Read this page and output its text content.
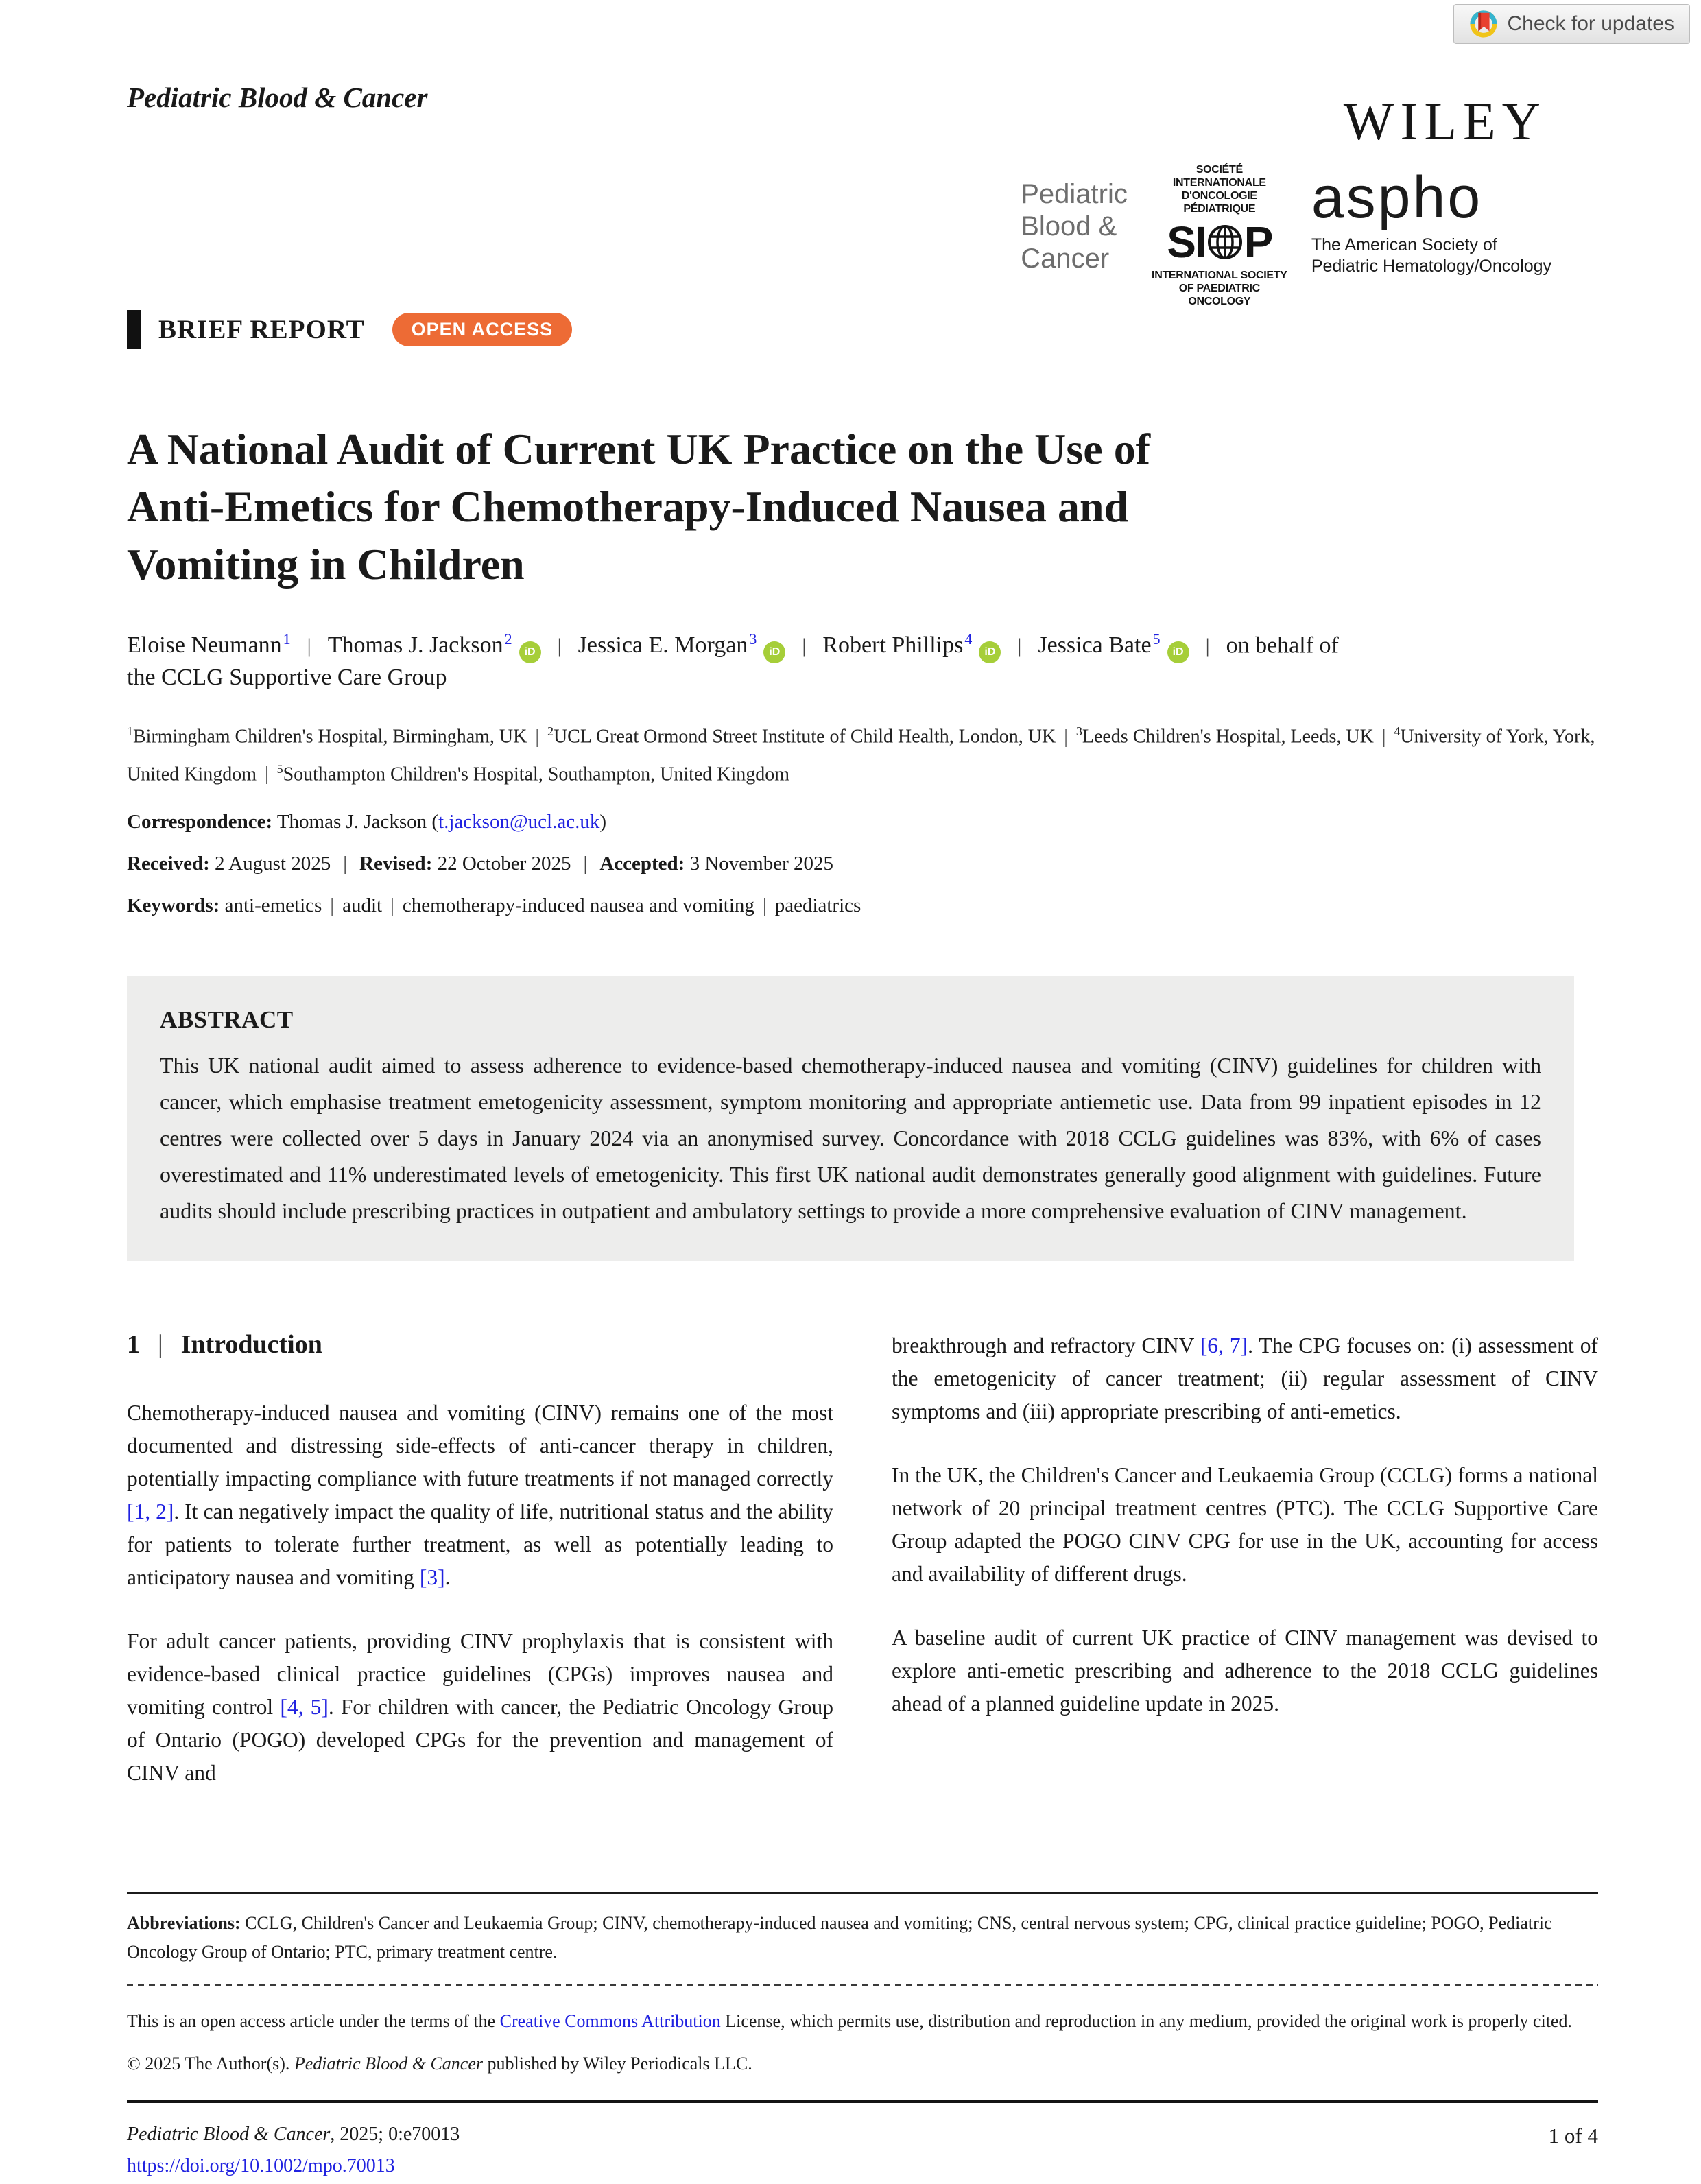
Pediatric Blood & Cancer
Check for updates
WILEY
Pediatric
Blood &
Cancer
SOCIÉTÉ INTERNATIONALE
D'ONCOLOGIE PÉDIATRIQUE
SI P
INTERNATIONAL SOCIETY
OF PAEDIATRIC ONCOLOGY
aspho
The American Society of
Pediatric Hematology/Oncology
BRIEF REPORT	OPEN ACCESS
A National Audit of Current UK Practice on the Use of
Anti-Emetics for Chemotherapy-Induced Nausea and
Vomiting in Children
Eloise Neumann$^1$ | Thomas J. Jackson$^2$iD | Jessica E. Morgan$^3$iD | Robert Phillips$^4$iD | Jessica Bate$^5$iD | on behalf of
the CCLG Supportive Care Group
$^1$Birmingham Children's Hospital, Birmingham, UK | $^2$UCL Great Ormond Street Institute of Child Health, London, UK | $^3$Leeds Children's Hospital, Leeds, UK | $^4$University of York, York, United Kingdom | $^5$Southampton Children's Hospital, Southampton, United Kingdom
Correspondence: Thomas J. Jackson (t.jackson@ucl.ac.uk)
Received: 2 August 2025 | Revised: 22 October 2025 | Accepted: 3 November 2025
Keywords: anti-emetics | audit | chemotherapy-induced nausea and vomiting | paediatrics
ABSTRACT

This UK national audit aimed to assess adherence to evidence-based chemotherapy-induced nausea and vomiting (CINV) guidelines for children with cancer, which emphasise treatment emetogenicity assessment, symptom monitoring and appropriate antiemetic use. Data from 99 inpatient episodes in 12 centres were collected over 5 days in January 2024 via an anonymised survey. Concordance with 2018 CCLG guidelines was 83%, with 6% of cases overestimated and 11% underestimated levels of emetogenicity. This first UK national audit demonstrates generally good alignment with guidelines. Future audits should include prescribing practices in outpatient and ambulatory settings to provide a more comprehensive evaluation of CINV management.

1 | Introduction

Chemotherapy-induced nausea and vomiting (CINV) remains one of the most documented and distressing side-effects of anti-cancer therapy in children, potentially impacting compliance with future treatments if not managed correctly [1, 2]. It can negatively impact the quality of life, nutritional status and the ability for patients to tolerate further treatment, as well as potentially leading to anticipatory nausea and vomiting [3].

For adult cancer patients, providing CINV prophylaxis that is consistent with evidence-based clinical practice guidelines (CPGs) improves nausea and vomiting control [4, 5]. For children with cancer, the Pediatric Oncology Group of Ontario (POGO) developed CPGs for the prevention and management of CINV and

breakthrough and refractory CINV [6, 7]. The CPG focuses on: (i) assessment of the emetogenicity of cancer treatment; (ii) regular assessment of CINV symptoms and (iii) appropriate prescribing of anti-emetics.

In the UK, the Children's Cancer and Leukaemia Group (CCLG) forms a national network of 20 principal treatment centres (PTC). The CCLG Supportive Care Group adapted the POGO CINV CPG for use in the UK, accounting for access and availability of different drugs.

A baseline audit of current UK practice of CINV management was devised to explore anti-emetic prescribing and adherence to the 2018 CCLG guidelines ahead of a planned guideline update in 2025.

Abbreviations: CCLG, Children's Cancer and Leukaemia Group; CINV, chemotherapy-induced nausea and vomiting; CNS, central nervous system; CPG, clinical practice guideline; POGO, Pediatric Oncology Group of Ontario; PTC, primary treatment centre.
This is an open access article under the terms of the Creative Commons Attribution License, which permits use, distribution and reproduction in any medium, provided the original work is properly cited.
© 2025 The Author(s). Pediatric Blood & Cancer published by Wiley Periodicals LLC.
Pediatric Blood & Cancer, 2025; 0:e70013
https://doi.org/10.1002/mpo.70013
1 of 4
